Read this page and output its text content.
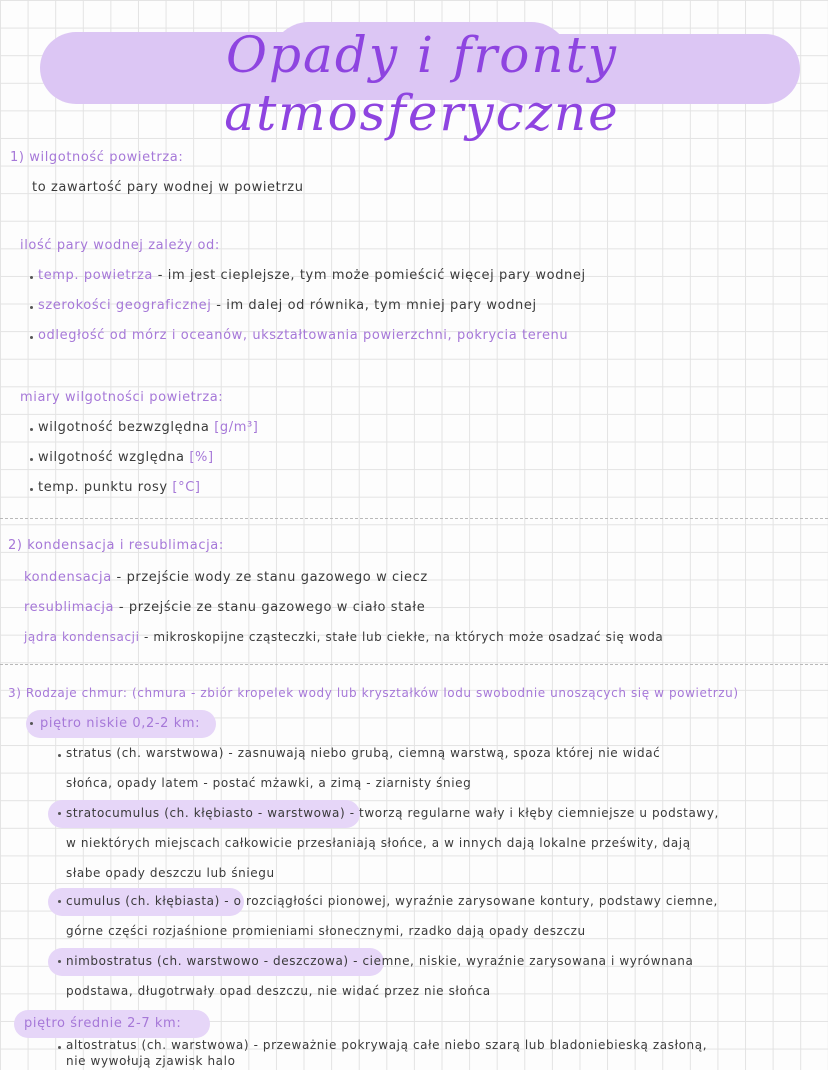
Opady i fronty atmosferyczne
1) wilgotność powietrza:
to zawartość pary wodnej w powietrzu
ilość pary wodnej zależy od:
temp. powietrza - im jest cieplejsze, tym może pomieścić więcej pary wodnej
szerokości geograficznej - im dalej od równika, tym mniej pary wodnej
odległość od mórz i oceanów, ukształtowania powierzchni, pokrycia terenu
miary wilgotności powietrza:
wilgotność bezwzględna [g/m³]
wilgotność względna [%]
temp. punktu rosy [°C]
2) kondensacja i resublimacja:
kondensacja - przejście wody ze stanu gazowego w ciecz
resublimacja - przejście ze stanu gazowego w ciało stałe
jądra kondensacji - mikroskopijne cząsteczki, stałe lub ciekłe, na których może osadzać się woda
3) Rodzaje chmur: (chmura - zbiór kropelek wody lub kryształków lodu swobodnie unoszących się w powietrzu)
piętro niskie 0,2-2 km:
stratus (ch. warstwowa) - zasnuwają niebo grubą, ciemną warstwą, spoza której nie widać
słońca, opady latem - postać mżawki, a zimą - ziarnisty śnieg
stratocumulus (ch. kłębiasto - warstwowa) - tworzą regularne wały i kłęby ciemniejsze u podstawy,
w niektórych miejscach całkowicie przesłaniają słońce, a w innych dają lokalne prześwity, dają
słabe opady deszczu lub śniegu
cumulus (ch. kłębiasta) - o rozciągłości pionowej, wyraźnie zarysowane kontury, podstawy ciemne,
górne części rozjaśnione promieniami słonecznymi, rzadko dają opady deszczu
nimbostratus (ch. warstwowo - deszczowa) - ciemne, niskie, wyraźnie zarysowana i wyrównana
podstawa, długotrwały opad deszczu, nie widać przez nie słońca
piętro średnie 2-7 km:
altostratus (ch. warstwowa) - przeważnie pokrywają całe niebo szarą lub bladoniebieską zasłoną,
nie wywołują zjawisk halo
